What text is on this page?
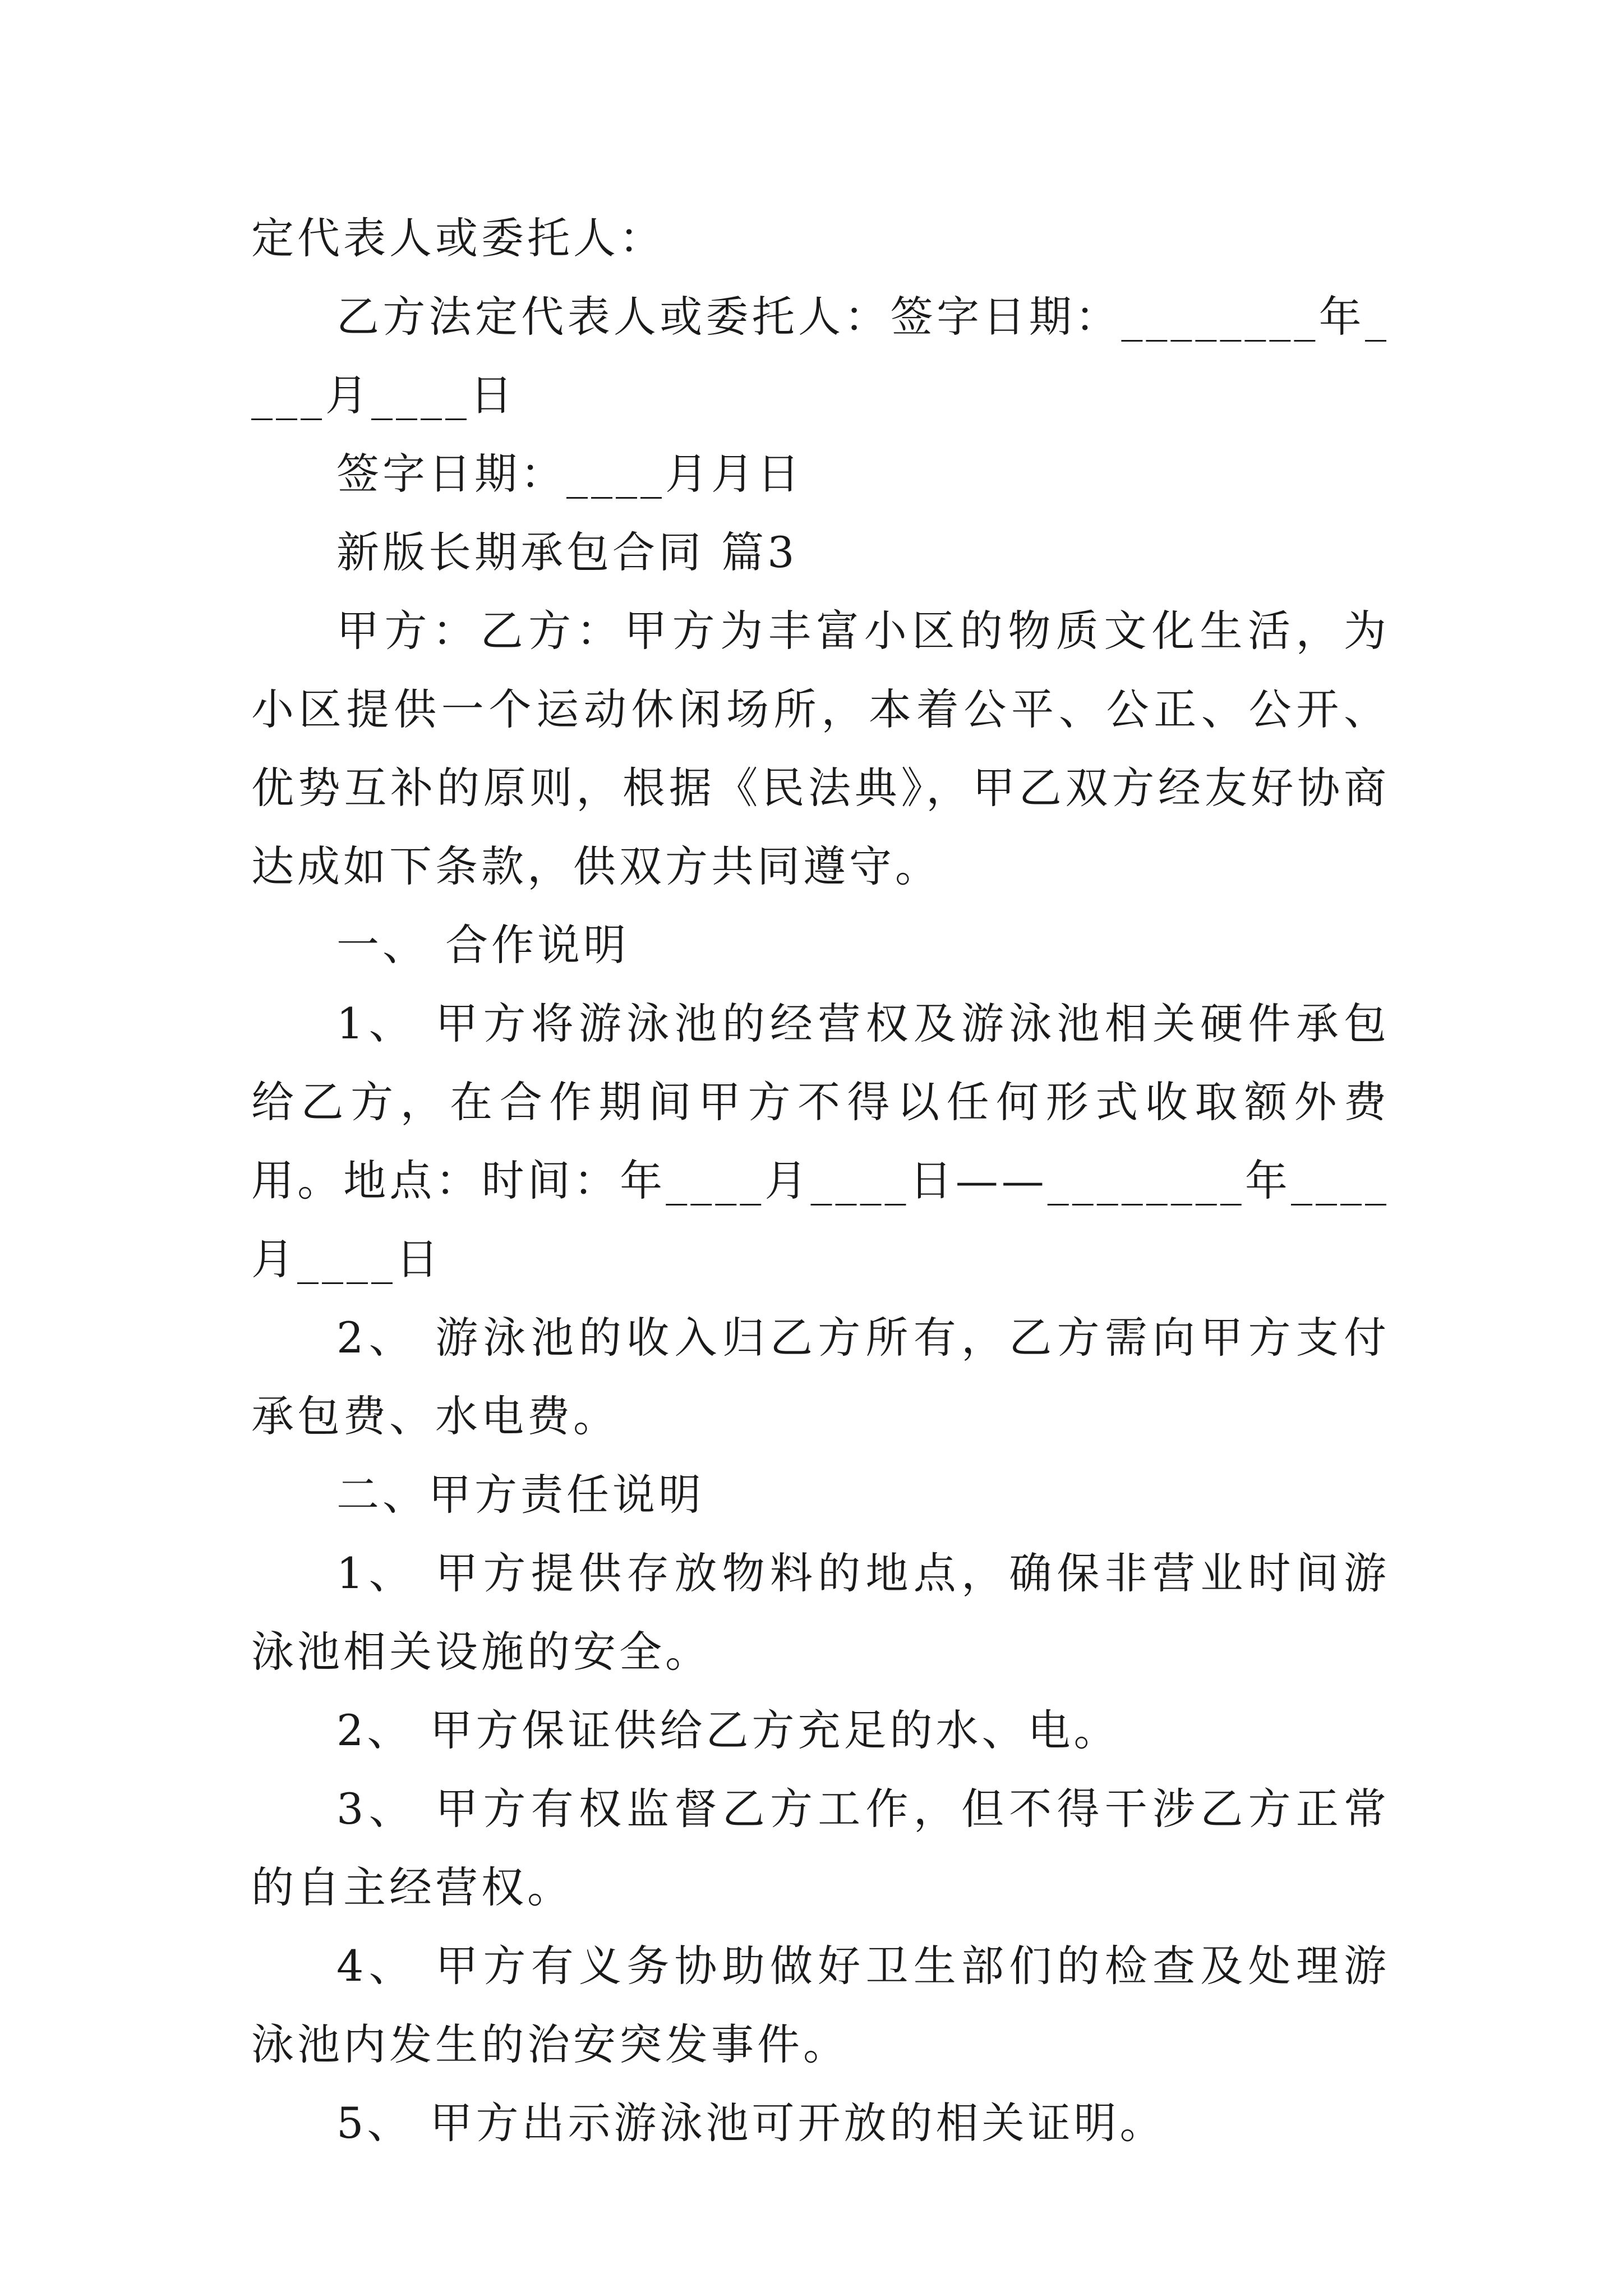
定代表人或委托人：

乙方法定代表人或委托人：签字日期：________年____月____日

签字日期：____月月日

新版长期承包合同 篇3

甲方：乙方：甲方为丰富小区的物质文化生活，为小区提供一个运动休闲场所，本着公平、公正、公开、优势互补的原则，根据《民法典》，甲乙双方经友好协商达成如下条款，供双方共同遵守。

一、 合作说明

1、 甲方将游泳池的经营权及游泳池相关硬件承包给乙方，在合作期间甲方不得以任何形式收取额外费用。地点：时间：年____月____日——________年____月____日

2、 游泳池的收入归乙方所有，乙方需向甲方支付承包费、水电费。

二、甲方责任说明

1、 甲方提供存放物料的地点，确保非营业时间游泳池相关设施的安全。

2、 甲方保证供给乙方充足的水、电。

3、 甲方有权监督乙方工作，但不得干涉乙方正常的自主经营权。

4、 甲方有义务协助做好卫生部们的检查及处理游泳池内发生的治安突发事件。

5、 甲方出示游泳池可开放的相关证明。
